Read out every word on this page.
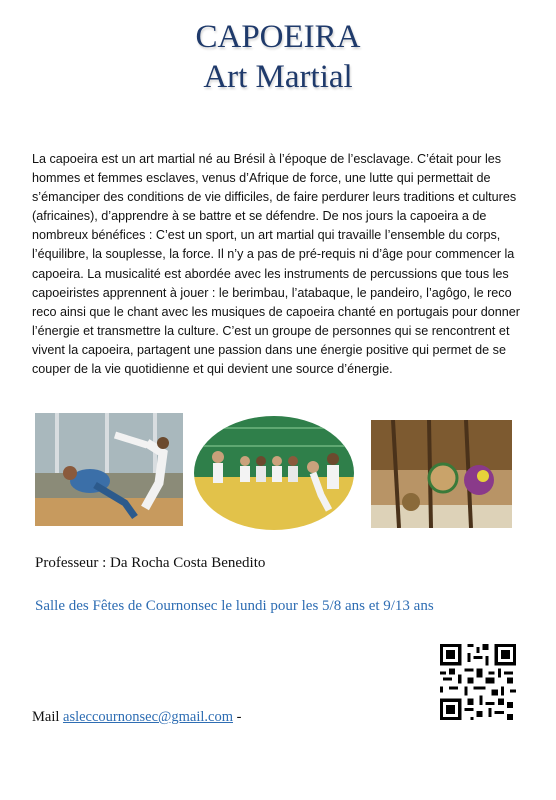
CAPOEIRA
Art Martial
La capoeira est un art martial né au Brésil à l’époque de l’esclavage. C’était pour les hommes et femmes esclaves, venus d’Afrique de force, une lutte qui permettait de s’émanciper des conditions de vie difficiles, de faire perdurer leurs traditions et cultures (africaines), d’apprendre à se battre et se défendre. De nos jours la capoeira a de nombreux bénéfices : C’est un sport, un art martial qui travaille l’ensemble du corps, l’équilibre, la souplesse, la force. Il n’y a pas de pré-requis ni d’âge pour commencer la capoeira. La musicalité est abordée avec les instruments de percussions que tous les capoeiristes apprennent à jouer : le berimbau, l’atabaque, le pandeiro, l’agôgo, le reco reco ainsi que le chant avec les musiques de capoeira chanté en portugais pour donner l’énergie et transmettre la culture. C’est un groupe de personnes qui se rencontrent et vivent la capoeira, partagent une passion dans une énergie positive qui permet de se couper de la vie quotidienne et qui devient une source d’énergie.
Professeur : Da Rocha Costa Benedito
Salle des Fêtes de Cournonsec le lundi pour les 5/8 ans et 9/13 ans
Mail asleccournonsec@gmail.com -
